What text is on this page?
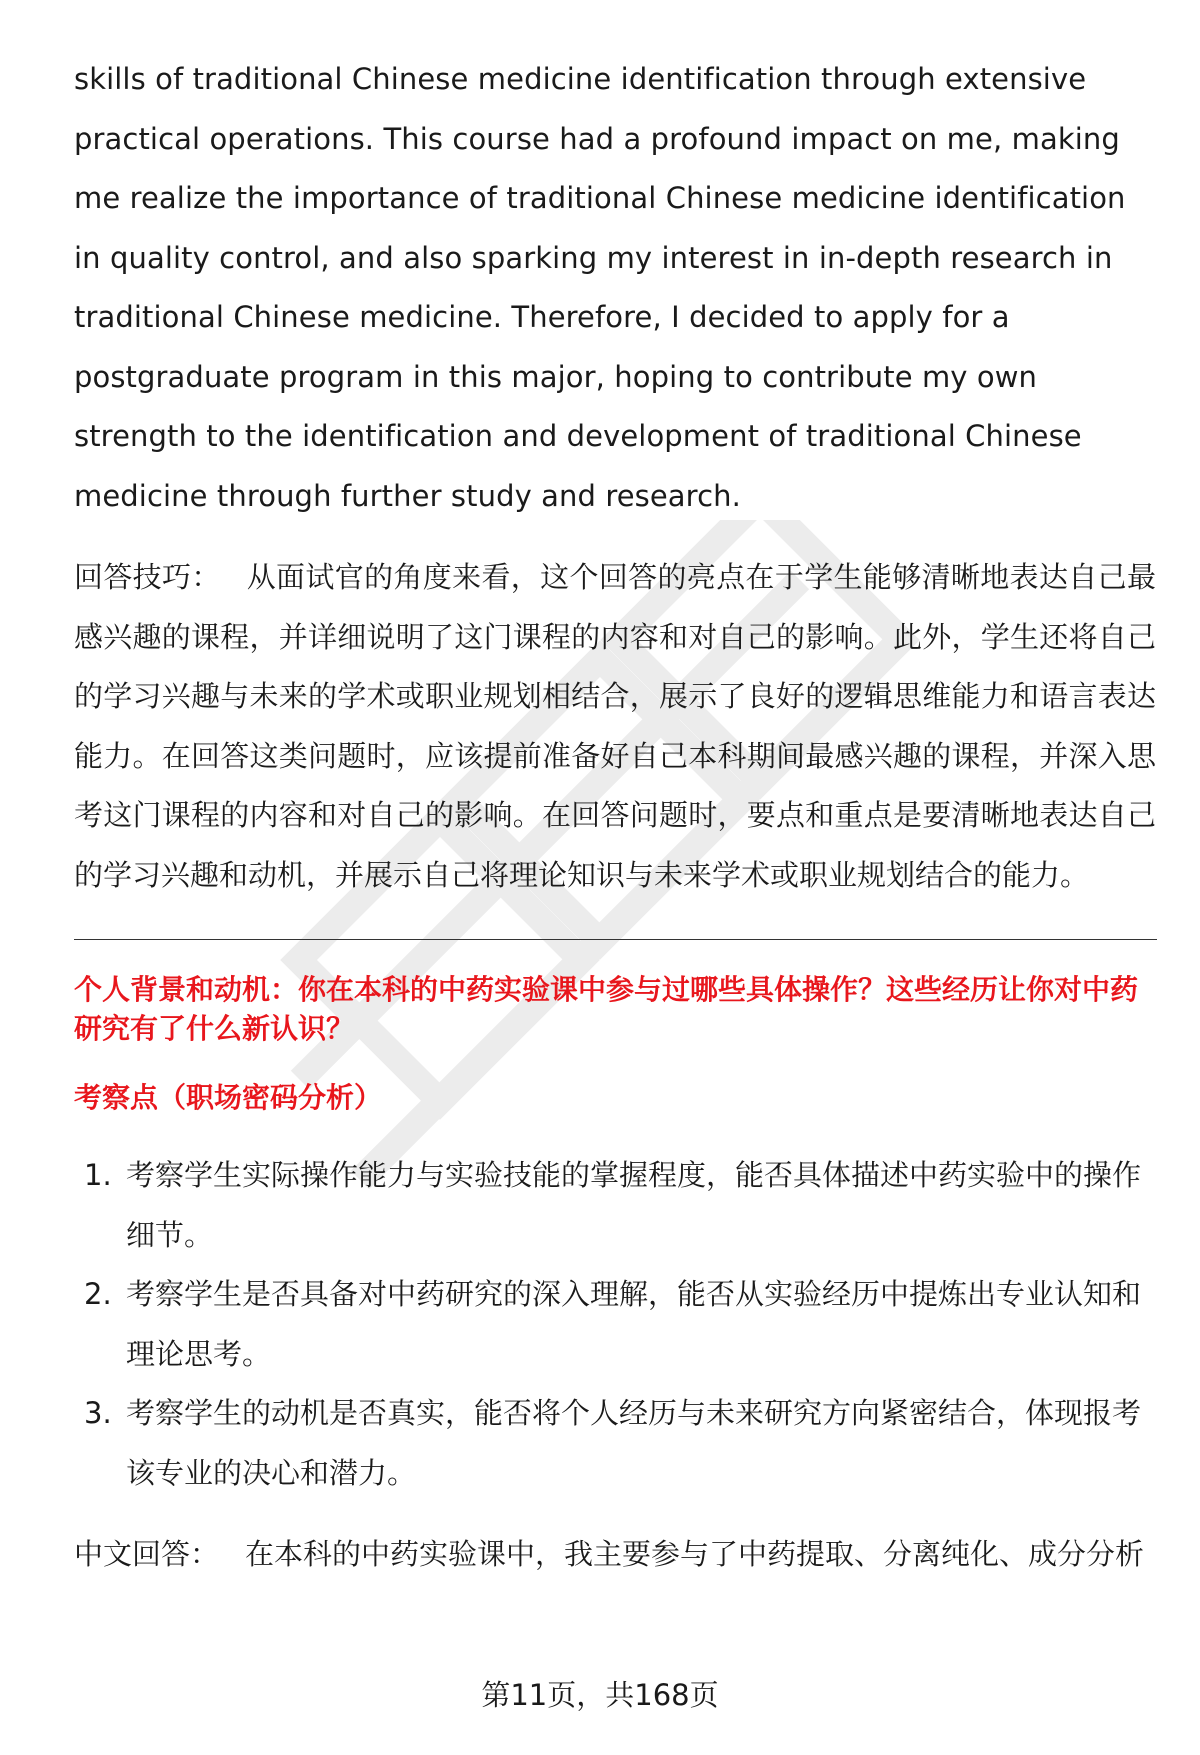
skills of traditional Chinese medicine identification through extensive practical operations. This course had a profound impact on me, making me realize the importance of traditional Chinese medicine identification in quality control, and also sparking my interest in in-depth research in traditional Chinese medicine. Therefore, I decided to apply for a postgraduate program in this major, hoping to contribute my own strength to the identification and development of traditional Chinese medicine through further study and research.

回答技巧： 从面试官的角度来看，这个回答的亮点在于学生能够清晰地表达自己最感兴趣的课程，并详细说明了这门课程的内容和对自己的影响。此外，学生还将自己的学习兴趣与未来的学术或职业规划相结合，展示了良好的逻辑思维能力和语言表达能力。在回答这类问题时，应该提前准备好自己本科期间最感兴趣的课程，并深入思考这门课程的内容和对自己的影响。在回答问题时，要点和重点是要清晰地表达自己的学习兴趣和动机，并展示自己将理论知识与未来学术或职业规划结合的能力。

个人背景和动机：你在本科的中药实验课中参与过哪些具体操作？这些经历让你对中药研究有了什么新认识？
考察点（职场密码分析）
1. 考察学生实际操作能力与实验技能的掌握程度，能否具体描述中药实验中的操作细节。
2. 考察学生是否具备对中药研究的深入理解，能否从实验经历中提炼出专业认知和理论思考。
3. 考察学生的动机是否真实，能否将个人经历与未来研究方向紧密结合，体现报考该专业的决心和潜力。
中文回答： 在本科的中药实验课中，我主要参与了中药提取、分离纯化、成分分析
第11页，共168页
